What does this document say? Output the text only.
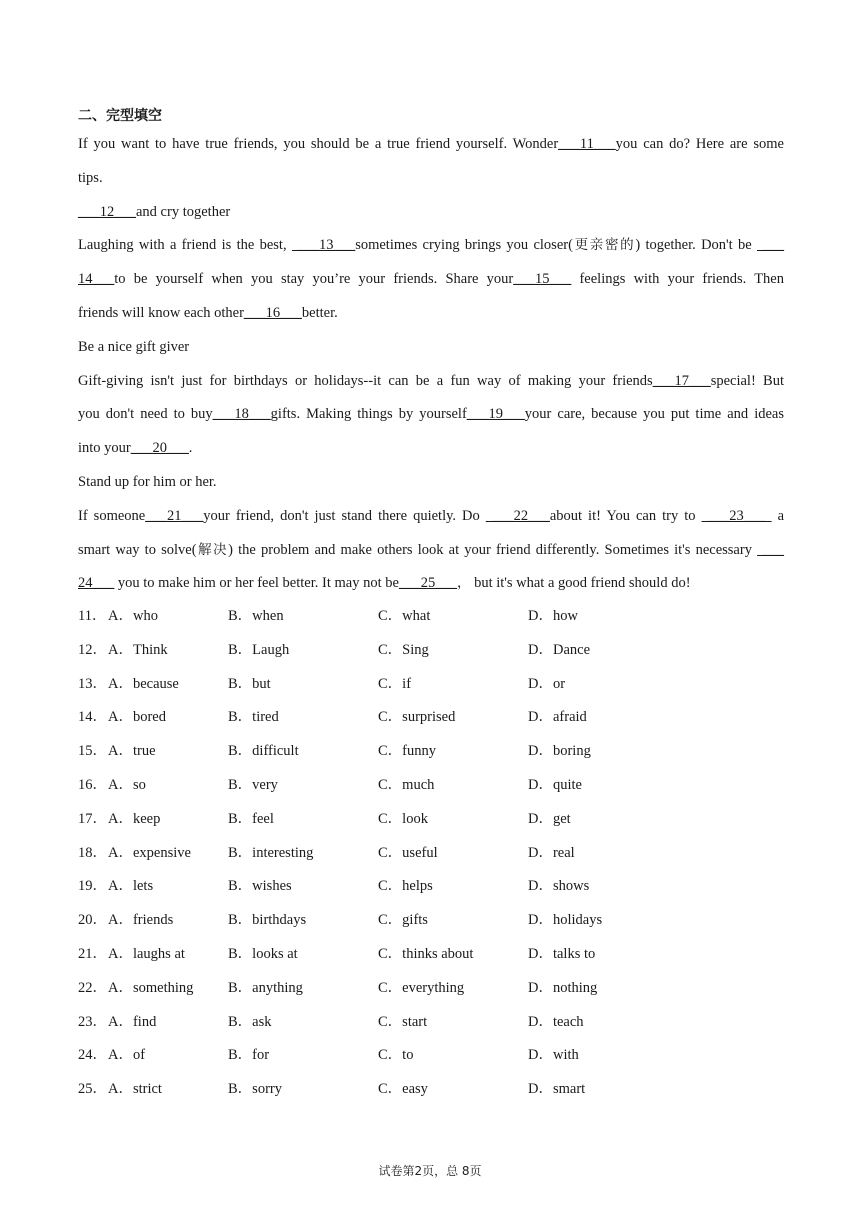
二、完型填空
If you want to have true friends, you should be a true friend yourself. Wonder___11___you can do? Here are some
tips.
___12___and cry together
Laughing with a friend is the best,  ___13___sometimes crying brings you closer(更亲密的) together. Don't be  ___
14___to be yourself when you stay you’re your friends. Share your___15___ feelings with your friends. Then
friends will know each other___16___better.
Be a nice gift giver
Gift-giving isn't just for birthdays or holidays--it can be a fun way of making your friends___17___special! But
you don't need to buy___18___gifts. Making things by yourself___19___your care, because you put time and ideas
into your___20___.
Stand up for him or her.
If someone___21___your friend, don't just stand there quietly. Do  ___22___about it! You can try to  ___23___  a
smart way to solve(解决) the problem and make others look at your friend differently. Sometimes it's necessary  ___
24___ you to make him or her feel better. It may not be___25___， but it's what a good friend should do!
11． A．who	B．when	C．what	D．how
12． A．Think	B．Laugh	C．Sing	D．Dance
13． A．because	B．but	C．if	D．or
14． A．bored	B．tired	C．surprised	D．afraid
15． A．true	B．difficult	C．funny	D．boring
16． A．so	B．very	C．much	D．quite
17． A．keep	B．feel	C．look	D．get
18． A．expensive	B．interesting	C．useful	D．real
19． A．lets	B．wishes	C．helps	D．shows
20． A．friends	B．birthdays	C．gifts	D．holidays
21． A．laughs at	B．looks at	C．thinks about	D．talks to
22． A．something B．anything	C．everything	D．nothing
23． A．find	B．ask	C．start	D．teach
24． A．of	B．for	C．to	D．with
25． A．strict	B．sorry	C．easy	D．smart
试卷第2页，总 8页
